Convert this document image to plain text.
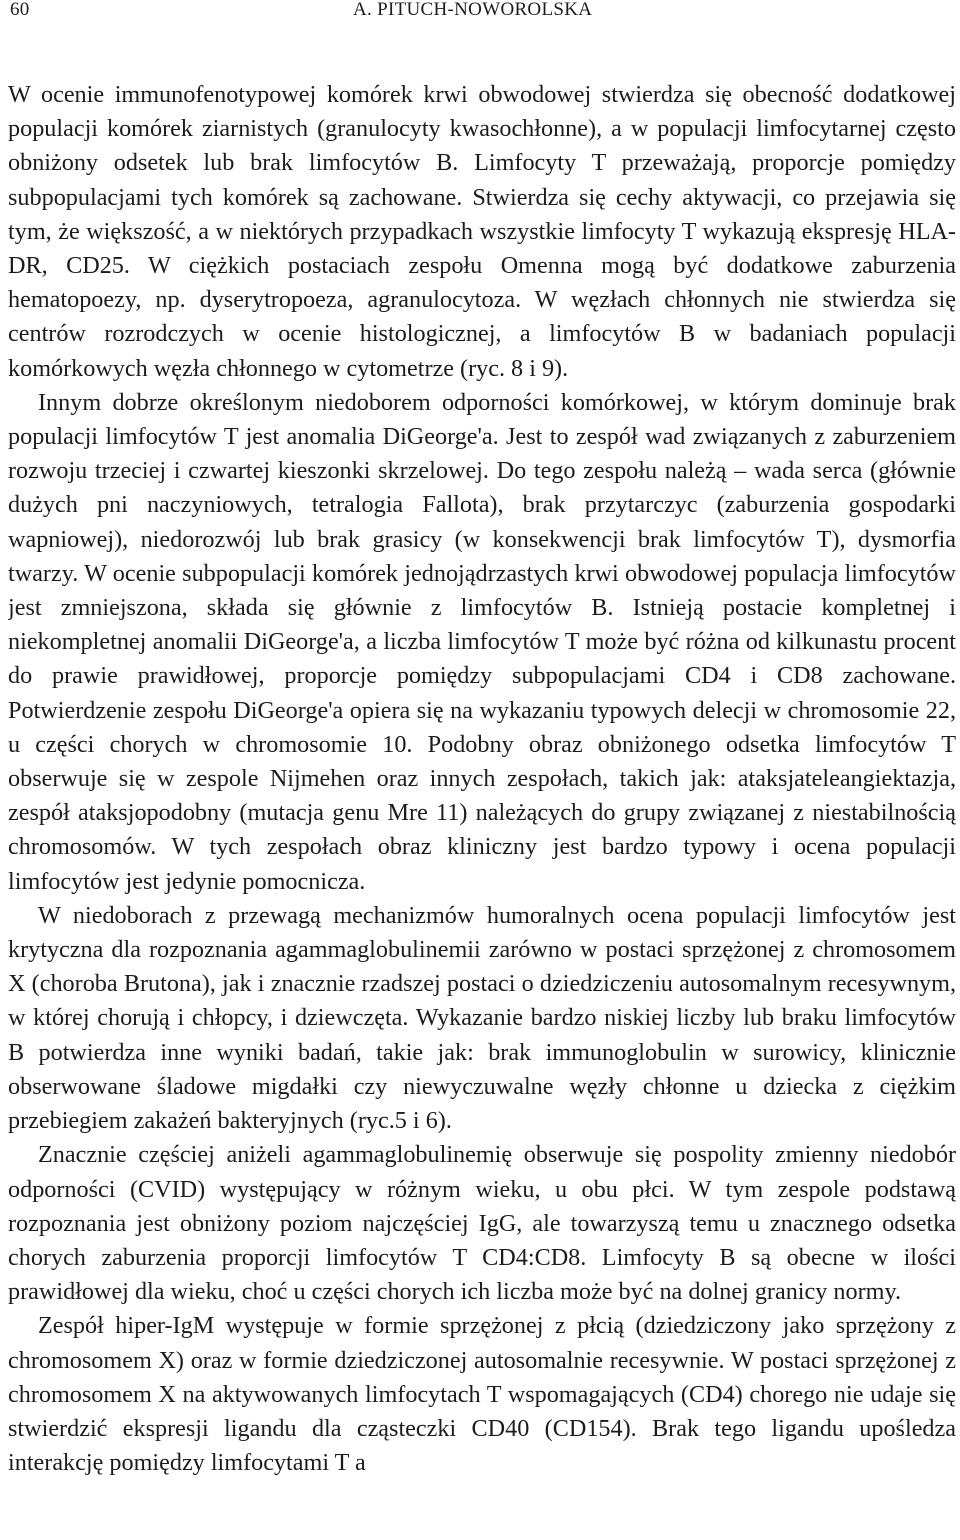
60	A. PITUCH-NOWOROLSKA

W ocenie immunofenotypowej komórek krwi obwodowej stwierdza się obecność dodatkowej populacji komórek ziarnistych (granulocyty kwasochłonne), a w populacji limfocytarnej często obniżony odsetek lub brak limfocytów B. Limfocyty T przeważają, proporcje pomiędzy subpopulacjami tych komórek są zachowane. Stwierdza się cechy aktywacji, co przejawia się tym, że większość, a w niektórych przypadkach wszystkie limfocyty T wykazują ekspresję HLA-DR, CD25. W ciężkich postaciach zespołu Omenna mogą być dodatkowe zaburzenia hematopoezy, np. dyserytropoeza, agranulocytoza. W węzłach chłonnych nie stwierdza się centrów rozrodczych w ocenie histologicznej, a limfocytów B w badaniach populacji komórkowych węzła chłonnego w cytometrze (ryc. 8 i 9).

Innym dobrze określonym niedoborem odporności komórkowej, w którym dominuje brak populacji limfocytów T jest anomalia DiGeorge'a. Jest to zespół wad związanych z zaburzeniem rozwoju trzeciej i czwartej kieszonki skrzelowej. Do tego zespołu należą – wada serca (głównie dużych pni naczyniowych, tetralogia Fallota), brak przytarczyc (zaburzenia gospodarki wapniowej), niedorozwój lub brak grasicy (w konsekwencji brak limfocytów T), dysmorfia twarzy. W ocenie subpopulacji komórek jednojądrzastych krwi obwodowej populacja limfocytów jest zmniejszona, składa się głównie z limfocytów B. Istnieją postacie kompletnej i niekompletnej anomalii DiGeorge'a, a liczba limfocytów T może być różna od kilkunastu procent do prawie prawidłowej, proporcje pomiędzy subpopulacjami CD4 i CD8 zachowane. Potwierdzenie zespołu DiGeorge'a opiera się na wykazaniu typowych delecji w chromosomie 22, u części chorych w chromosomie 10. Podobny obraz obniżonego odsetka limfocytów T obserwuje się w zespole Nijmehen oraz innych zespołach, takich jak: ataksjateleangiektazja, zespół ataksjopodobny (mutacja genu Mre 11) należących do grupy związanej z niestabilnością chromosomów. W tych zespołach obraz kliniczny jest bardzo typowy i ocena populacji limfocytów jest jedynie pomocnicza.

W niedoborach z przewagą mechanizmów humoralnych ocena populacji limfocytów jest krytyczna dla rozpoznania agammaglobulinemii zarówno w postaci sprzężonej z chromosomem X (choroba Brutona), jak i znacznie rzadszej postaci o dziedziczeniu autosomalnym recesywnym, w której chorują i chłopcy, i dziewczęta. Wykazanie bardzo niskiej liczby lub braku limfocytów B potwierdza inne wyniki badań, takie jak: brak immunoglobulin w surowicy, klinicznie obserwowane śladowe migdałki czy niewyczuwalne węzły chłonne u dziecka z ciężkim przebiegiem zakażeń bakteryjnych (ryc.5 i 6).

Znacznie częściej aniżeli agammaglobulinemię obserwuje się pospolity zmienny niedobór odporności (CVID) występujący w różnym wieku, u obu płci. W tym zespole podstawą rozpoznania jest obniżony poziom najczęściej IgG, ale towarzyszą temu u znacznego odsetka chorych zaburzenia proporcji limfocytów T CD4:CD8. Limfocyty B są obecne w ilości prawidłowej dla wieku, choć u części chorych ich liczba może być na dolnej granicy normy.

Zespół hiper-IgM występuje w formie sprzężonej z płcią (dziedziczony jako sprzężony z chromosomem X) oraz w formie dziedziczonej autosomalnie recesywnie. W postaci sprzężonej z chromosomem X na aktywowanych limfocytach T wspomagających (CD4) chorego nie udaje się stwierdzić ekspresji ligandu dla cząsteczki CD40 (CD154). Brak tego ligandu upośledza interakcję pomiędzy limfocytami T a
